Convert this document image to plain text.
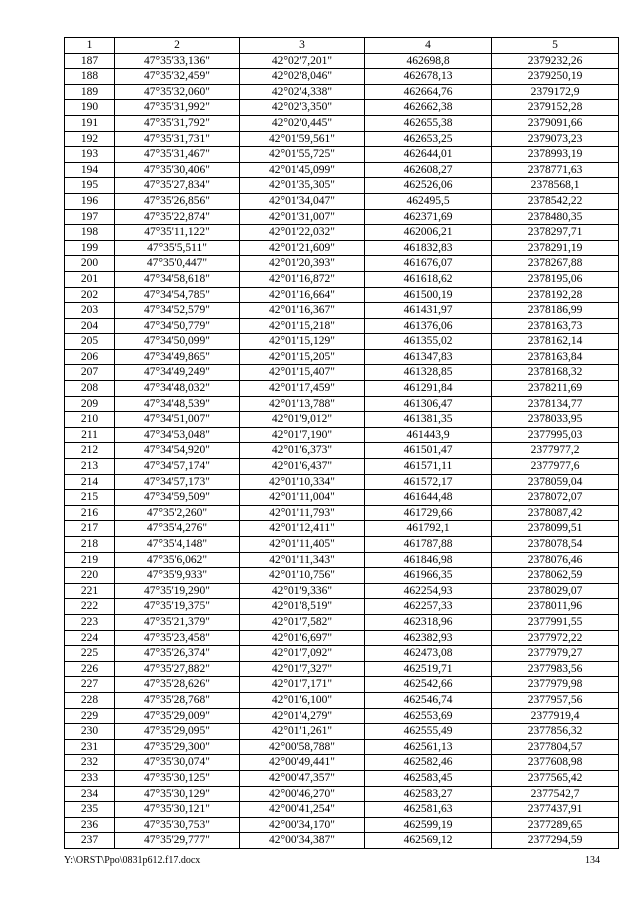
1	2	3	4	5
187	47°35'33,136"	42°02'7,201"	462698,8	2379232,26
188	47°35'32,459"	42°02'8,046"	462678,13	2379250,19
189	47°35'32,060"	42°02'4,338"	462664,76	2379172,9
190	47°35'31,992"	42°02'3,350"	462662,38	2379152,28
191	47°35'31,792"	42°02'0,445"	462655,38	2379091,66
192	47°35'31,731"	42°01'59,561"	462653,25	2379073,23
193	47°35'31,467"	42°01'55,725"	462644,01	2378993,19
194	47°35'30,406"	42°01'45,099"	462608,27	2378771,63
195	47°35'27,834"	42°01'35,305"	462526,06	2378568,1
196	47°35'26,856"	42°01'34,047"	462495,5	2378542,22
197	47°35'22,874"	42°01'31,007"	462371,69	2378480,35
198	47°35'11,122"	42°01'22,032"	462006,21	2378297,71
199	47°35'5,511"	42°01'21,609"	461832,83	2378291,19
200	47°35'0,447"	42°01'20,393"	461676,07	2378267,88
201	47°34'58,618"	42°01'16,872"	461618,62	2378195,06
202	47°34'54,785"	42°01'16,664"	461500,19	2378192,28
203	47°34'52,579"	42°01'16,367"	461431,97	2378186,99
204	47°34'50,779"	42°01'15,218"	461376,06	2378163,73
205	47°34'50,099"	42°01'15,129"	461355,02	2378162,14
206	47°34'49,865"	42°01'15,205"	461347,83	2378163,84
207	47°34'49,249"	42°01'15,407"	461328,85	2378168,32
208	47°34'48,032"	42°01'17,459"	461291,84	2378211,69
209	47°34'48,539"	42°01'13,788"	461306,47	2378134,77
210	47°34'51,007"	42°01'9,012"	461381,35	2378033,95
211	47°34'53,048"	42°01'7,190"	461443,9	2377995,03
212	47°34'54,920"	42°01'6,373"	461501,47	2377977,2
213	47°34'57,174"	42°01'6,437"	461571,11	2377977,6
214	47°34'57,173"	42°01'10,334"	461572,17	2378059,04
215	47°34'59,509"	42°01'11,004"	461644,48	2378072,07
216	47°35'2,260"	42°01'11,793"	461729,66	2378087,42
217	47°35'4,276"	42°01'12,411"	461792,1	2378099,51
218	47°35'4,148"	42°01'11,405"	461787,88	2378078,54
219	47°35'6,062"	42°01'11,343"	461846,98	2378076,46
220	47°35'9,933"	42°01'10,756"	461966,35	2378062,59
221	47°35'19,290"	42°01'9,336"	462254,93	2378029,07
222	47°35'19,375"	42°01'8,519"	462257,33	2378011,96
223	47°35'21,379"	42°01'7,582"	462318,96	2377991,55
224	47°35'23,458"	42°01'6,697"	462382,93	2377972,22
225	47°35'26,374"	42°01'7,092"	462473,08	2377979,27
226	47°35'27,882"	42°01'7,327"	462519,71	2377983,56
227	47°35'28,626"	42°01'7,171"	462542,66	2377979,98
228	47°35'28,768"	42°01'6,100"	462546,74	2377957,56
229	47°35'29,009"	42°01'4,279"	462553,69	2377919,4
230	47°35'29,095"	42°01'1,261"	462555,49	2377856,32
231	47°35'29,300"	42°00'58,788"	462561,13	2377804,57
232	47°35'30,074"	42°00'49,441"	462582,46	2377608,98
233	47°35'30,125"	42°00'47,357"	462583,45	2377565,42
234	47°35'30,129"	42°00'46,270"	462583,27	2377542,7
235	47°35'30,121"	42°00'41,254"	462581,63	2377437,91
236	47°35'30,753"	42°00'34,170"	462599,19	2377289,65
237	47°35'29,777"	42°00'34,387"	462569,12	2377294,59
Y:\ORST\Ppo\0831p612.f17.docx	134
